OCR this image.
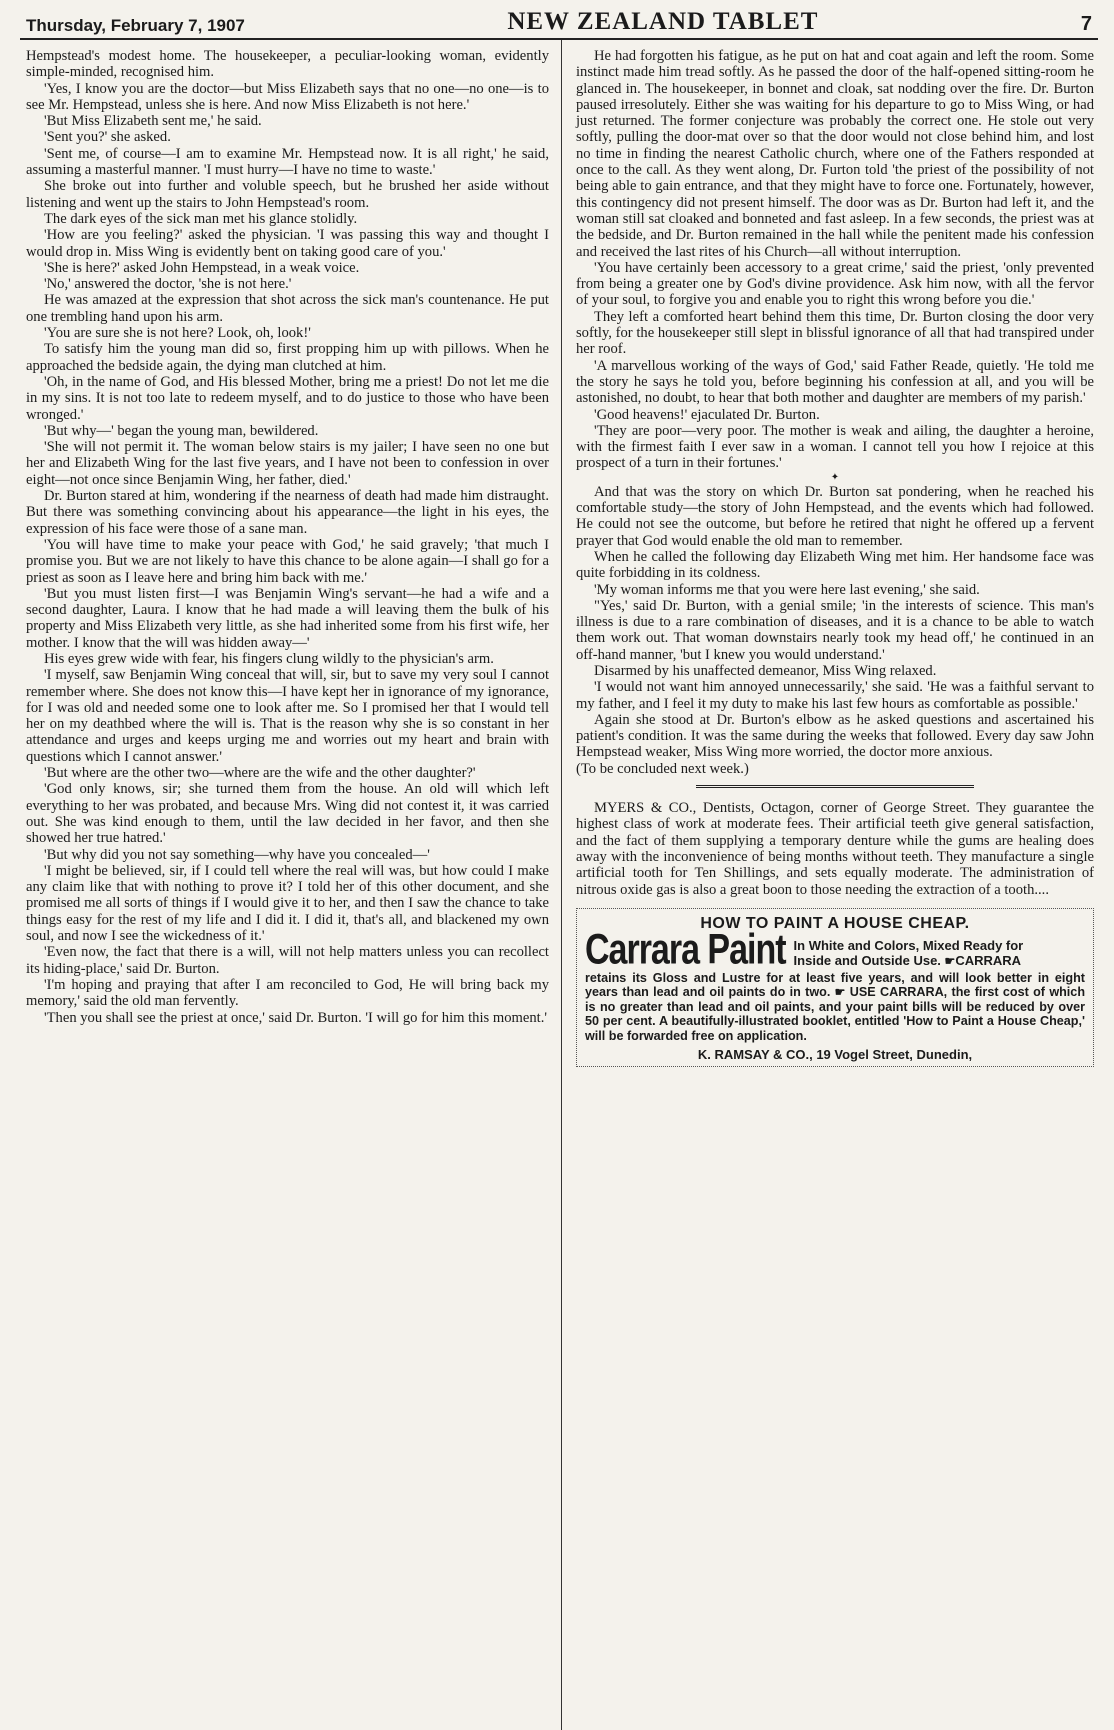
Thursday, February 7, 1907	NEW ZEALAND TABLET	7

Hempstead's modest home. The housekeeper, a peculiar-looking woman, evidently simple-minded, recognised him.

'Yes, I know you are the doctor—but Miss Elizabeth says that no one—no one—is to see Mr. Hempstead, unless she is here. And now Miss Elizabeth is not here.'

'But Miss Elizabeth sent me,' he said.

'Sent you?' she asked.

'Sent me, of course—I am to examine Mr. Hempstead now. It is all right,' he said, assuming a masterful manner. 'I must hurry—I have no time to waste.'

She broke out into further and voluble speech, but he brushed her aside without listening and went up the stairs to John Hempstead's room.

The dark eyes of the sick man met his glance stolidly.

'How are you feeling?' asked the physician. 'I was passing this way and thought I would drop in. Miss Wing is evidently bent on taking good care of you.'

'She is here?' asked John Hempstead, in a weak voice.

'No,' answered the doctor, 'she is not here.'

He was amazed at the expression that shot across the sick man's countenance. He put one trembling hand upon his arm.

'You are sure she is not here? Look, oh, look!'

To satisfy him the young man did so, first propping him up with pillows. When he approached the bedside again, the dying man clutched at him.

'Oh, in the name of God, and His blessed Mother, bring me a priest! Do not let me die in my sins. It is not too late to redeem myself, and to do justice to those who have been wronged.'

'But why—' began the young man, bewildered.

'She will not permit it. The woman below stairs is my jailer; I have seen no one but her and Elizabeth Wing for the last five years, and I have not been to confession in over eight—not once since Benjamin Wing, her father, died.'

Dr. Burton stared at him, wondering if the nearness of death had made him distraught. But there was something convincing about his appearance—the light in his eyes, the expression of his face were those of a sane man.

'You will have time to make your peace with God,' he said gravely; 'that much I promise you. But we are not likely to have this chance to be alone again—I shall go for a priest as soon as I leave here and bring him back with me.'

'But you must listen first—I was Benjamin Wing's servant—he had a wife and a second daughter, Laura. I know that he had made a will leaving them the bulk of his property and Miss Elizabeth very little, as she had inherited some from his first wife, her mother. I know that the will was hidden away—'

His eyes grew wide with fear, his fingers clung wildly to the physician's arm.

'I myself, saw Benjamin Wing conceal that will, sir, but to save my very soul I cannot remember where. She does not know this—I have kept her in ignorance of my ignorance, for I was old and needed some one to look after me. So I promised her that I would tell her on my deathbed where the will is. That is the reason why she is so constant in her attendance and urges and keeps urging me and worries out my heart and brain with questions which I cannot answer.'

'But where are the other two—where are the wife and the other daughter?'

'God only knows, sir; she turned them from the house. An old will which left everything to her was probated, and because Mrs. Wing did not contest it, it was carried out. She was kind enough to them, until the law decided in her favor, and then she showed her true hatred.'

'But why did you not say something—why have you concealed—'

'I might be believed, sir, if I could tell where the real will was, but how could I make any claim like that with nothing to prove it? I told her of this other document, and she promised me all sorts of things if I would give it to her, and then I saw the chance to take things easy for the rest of my life and I did it. I did it, that's all, and blackened my own soul, and now I see the wickedness of it.'

'Even now, the fact that there is a will, will not help matters unless you can recollect its hiding-place,' said Dr. Burton.

'I'm hoping and praying that after I am reconciled to God, He will bring back my memory,' said the old man fervently.

'Then you shall see the priest at once,' said Dr. Burton. 'I will go for him this moment.'

He had forgotten his fatigue, as he put on hat and coat again and left the room. Some instinct made him tread softly. As he passed the door of the half-opened sitting-room he glanced in. The housekeeper, in bonnet and cloak, sat nodding over the fire. Dr. Burton paused irresolutely. Either she was waiting for his departure to go to Miss Wing, or had just returned. The former conjecture was probably the correct one. He stole out very softly, pulling the door-mat over so that the door would not close behind him, and lost no time in finding the nearest Catholic church, where one of the Fathers responded at once to the call. As they went along, Dr. Furton told 'the priest of the possibility of not being able to gain entrance, and that they might have to force one. Fortunately, however, this contingency did not present himself. The door was as Dr. Burton had left it, and the woman still sat cloaked and bonneted and fast asleep. In a few seconds, the priest was at the bedside, and Dr. Burton remained in the hall while the penitent made his confession and received the last rites of his Church—all without interruption.

'You have certainly been accessory to a great crime,' said the priest, 'only prevented from being a greater one by God's divine providence. Ask him now, with all the fervor of your soul, to forgive you and enable you to right this wrong before you die.'

They left a comforted heart behind them this time, Dr. Burton closing the door very softly, for the housekeeper still slept in blissful ignorance of all that had transpired under her roof.

'A marvellous working of the ways of God,' said Father Reade, quietly. 'He told me the story he says he told you, before beginning his confession at all, and you will be astonished, no doubt, to hear that both mother and daughter are members of my parish.'

'Good heavens!' ejaculated Dr. Burton.

'They are poor—very poor. The mother is weak and ailing, the daughter a heroine, with the firmest faith I ever saw in a woman. I cannot tell you how I rejoice at this prospect of a turn in their fortunes.'

✦

And that was the story on which Dr. Burton sat pondering, when he reached his comfortable study—the story of John Hempstead, and the events which had followed. He could not see the outcome, but before he retired that night he offered up a fervent prayer that God would enable the old man to remember.

When he called the following day Elizabeth Wing met him. Her handsome face was quite forbidding in its coldness.

'My woman informs me that you were here last evening,' she said.

"Yes,' said Dr. Burton, with a genial smile; 'in the interests of science. This man's illness is due to a rare combination of diseases, and it is a chance to be able to watch them work out. That woman downstairs nearly took my head off,' he continued in an off-hand manner, 'but I knew you would understand.'

Disarmed by his unaffected demeanor, Miss Wing relaxed.

'I would not want him annoyed unnecessarily,' she said. 'He was a faithful servant to my father, and I feel it my duty to make his last few hours as comfortable as possible.'

Again she stood at Dr. Burton's elbow as he asked questions and ascertained his patient's condition. It was the same during the weeks that followed. Every day saw John Hempstead weaker, Miss Wing more worried, the doctor more anxious.

(To be concluded next week.)

MYERS & CO., Dentists, Octagon, corner of George Street. They guarantee the highest class of work at moderate fees. Their artificial teeth give general satisfaction, and the fact of them supplying a temporary denture while the gums are healing does away with the inconvenience of being months without teeth. They manufacture a single artificial tooth for Ten Shillings, and sets equally moderate. The administration of nitrous oxide gas is also a great boon to those needing the extraction of a tooth....

HOW TO PAINT A HOUSE CHEAP.
Carrara Paint In White and Colors, Mixed Ready for
Inside and Outside Use. ☛CARRARA
retains its Gloss and Lustre for at least five years, and will look better in eight years than lead and oil paints do in two. ☛ USE CARRARA, the first cost of which is no greater than lead and oil paints, and your paint bills will be reduced by over 50 per cent. A beautifully-illustrated booklet, entitled 'How to Paint a House Cheap,' will be forwarded free on application.
K. RAMSAY & CO., 19 Vogel Street, Dunedin,
